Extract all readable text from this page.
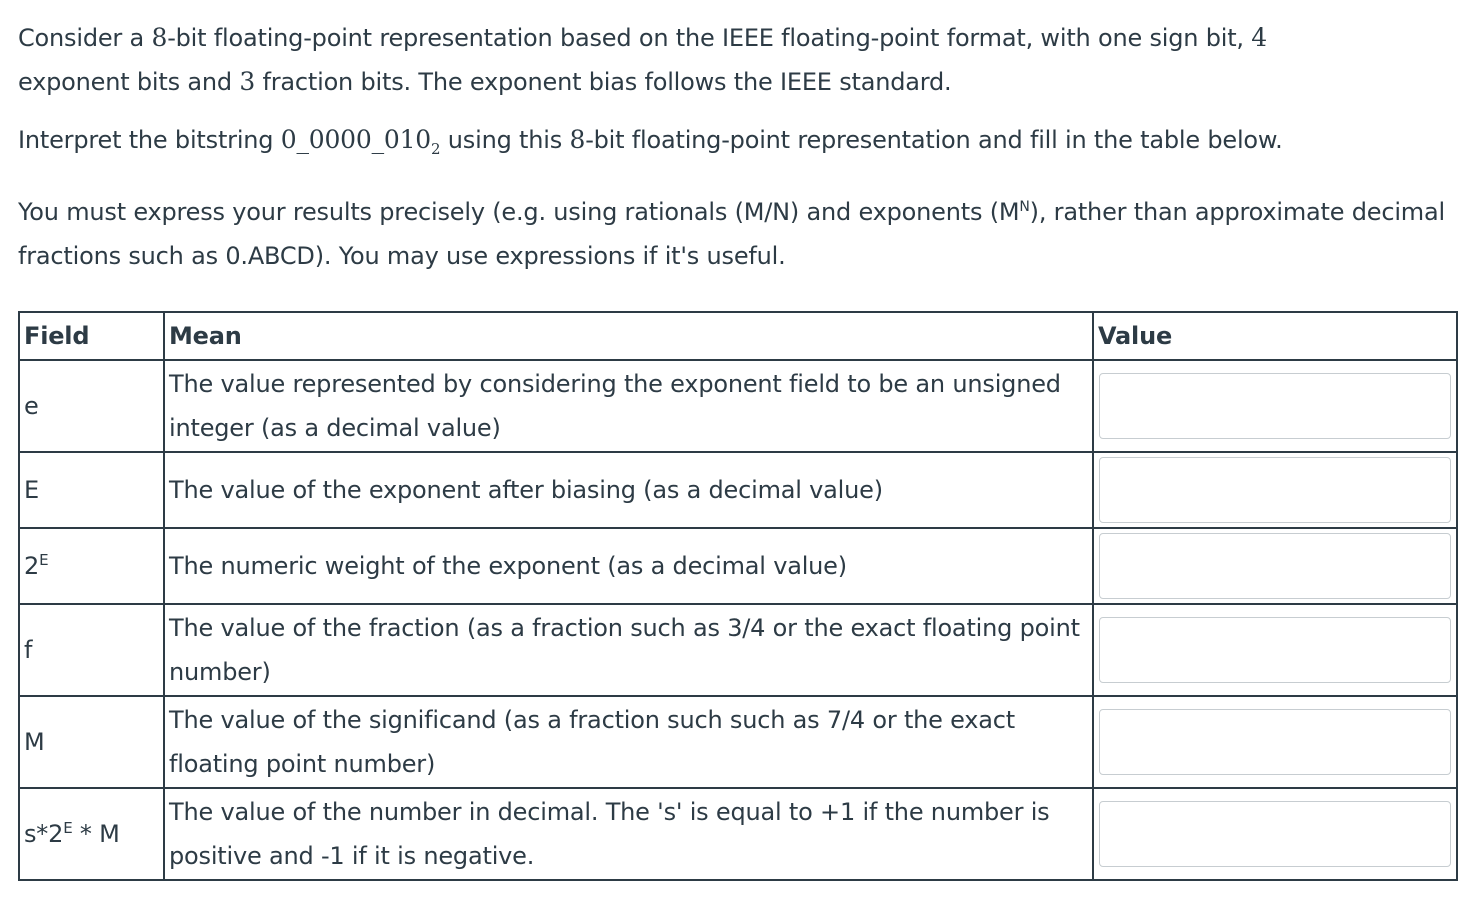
Consider a 8-bit floating-point representation based on the IEEE floating-point format, with one sign bit, 4
exponent bits and 3 fraction bits. The exponent bias follows the IEEE standard.

Interpret the bitstring $0\_0000\_010_2$ using this 8-bit floating-point representation and fill in the table below.

You must express your results precisely (e.g. using rationals (M/N) and exponents $(M^N)$, rather than approximate decimal fractions such as 0.ABCD). You may use expressions if it's useful.

Field	Mean	Value
e	The value represented by considering the exponent field to be an unsigned integer (as a decimal value)	

E	The value of the exponent after biasing (as a decimal value)	

$2^E$	The numeric weight of the exponent (as a decimal value)	

f	The value of the fraction (as a fraction such as 3/4 or the exact floating point number)	

M	The value of the significand (as a fraction such such as 7/4 or the exact floating point number)	

$s*2^E$ * M	The value of the number in decimal. The 's' is equal to +1 if the number is positive and -1 if it is negative.	
